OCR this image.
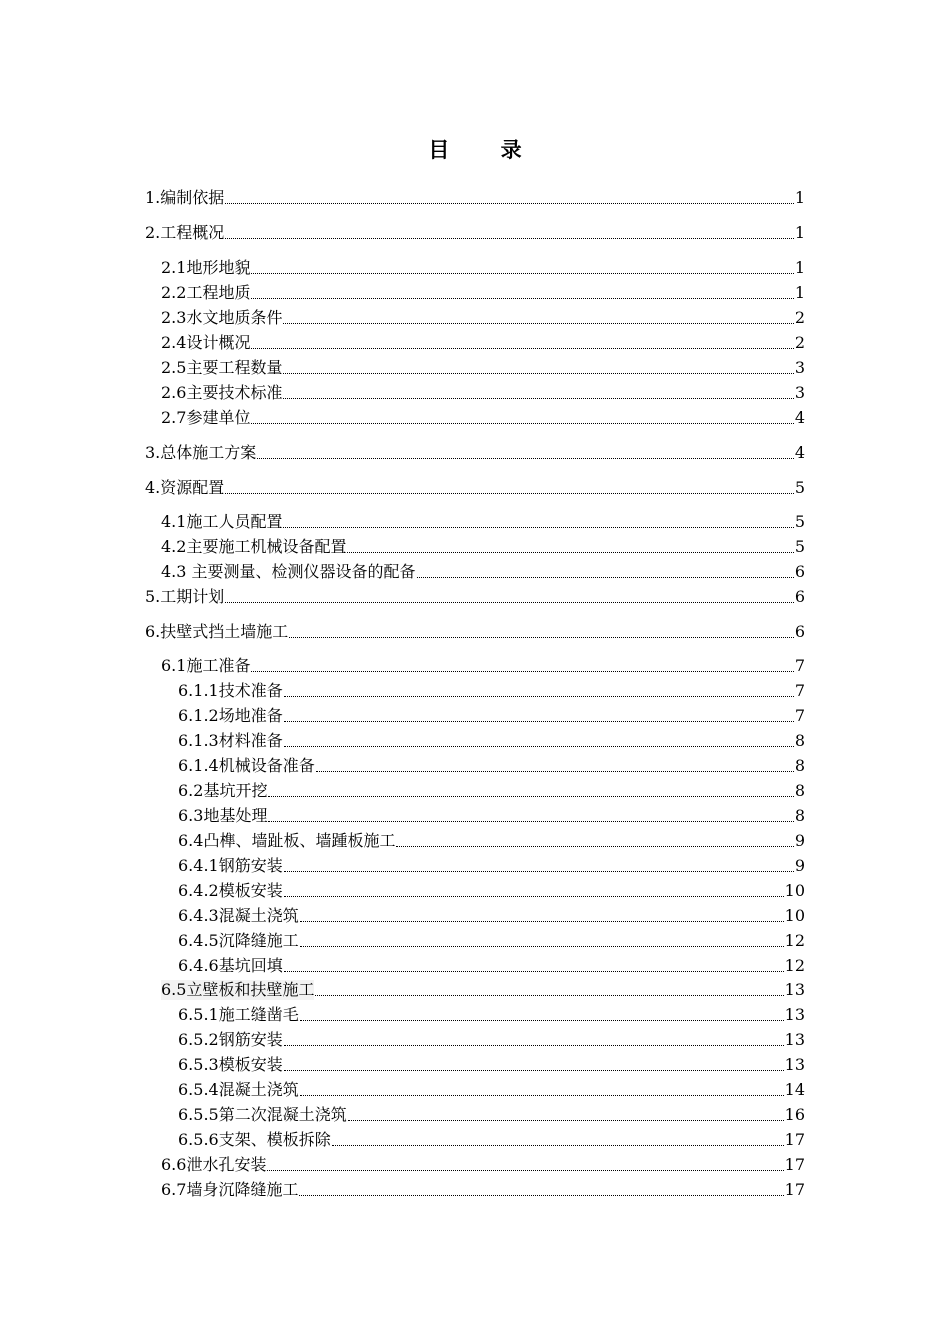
目 录
1.编制依据	1
2.工程概况	1
2.1地形地貌	1
2.2工程地质	1
2.3水文地质条件	2
2.4设计概况	2
2.5主要工程数量	3
2.6主要技术标准	3
2.7参建单位	4
3.总体施工方案	4
4.资源配置	5
4.1施工人员配置	5
4.2主要施工机械设备配置	5
4.3 主要测量、检测仪器设备的配备	6
5.工期计划	6
6.扶壁式挡土墙施工	6
6.1施工准备	7
6.1.1技术准备	7
6.1.2场地准备	7
6.1.3材料准备	8
6.1.4机械设备准备	8
6.2基坑开挖	8
6.3地基处理	8
6.4凸榫、墙趾板、墙踵板施工	9
6.4.1钢筋安装	9
6.4.2模板安装	10
6.4.3混凝土浇筑	10
6.4.5沉降缝施工	12
6.4.6基坑回填	12
6.5立壁板和扶壁施工	13
6.5.1施工缝凿毛	13
6.5.2钢筋安装	13
6.5.3模板安装	13
6.5.4混凝土浇筑	14
6.5.5第二次混凝土浇筑	16
6.5.6支架、模板拆除	17
6.6泄水孔安装	17
6.7墙身沉降缝施工	17
